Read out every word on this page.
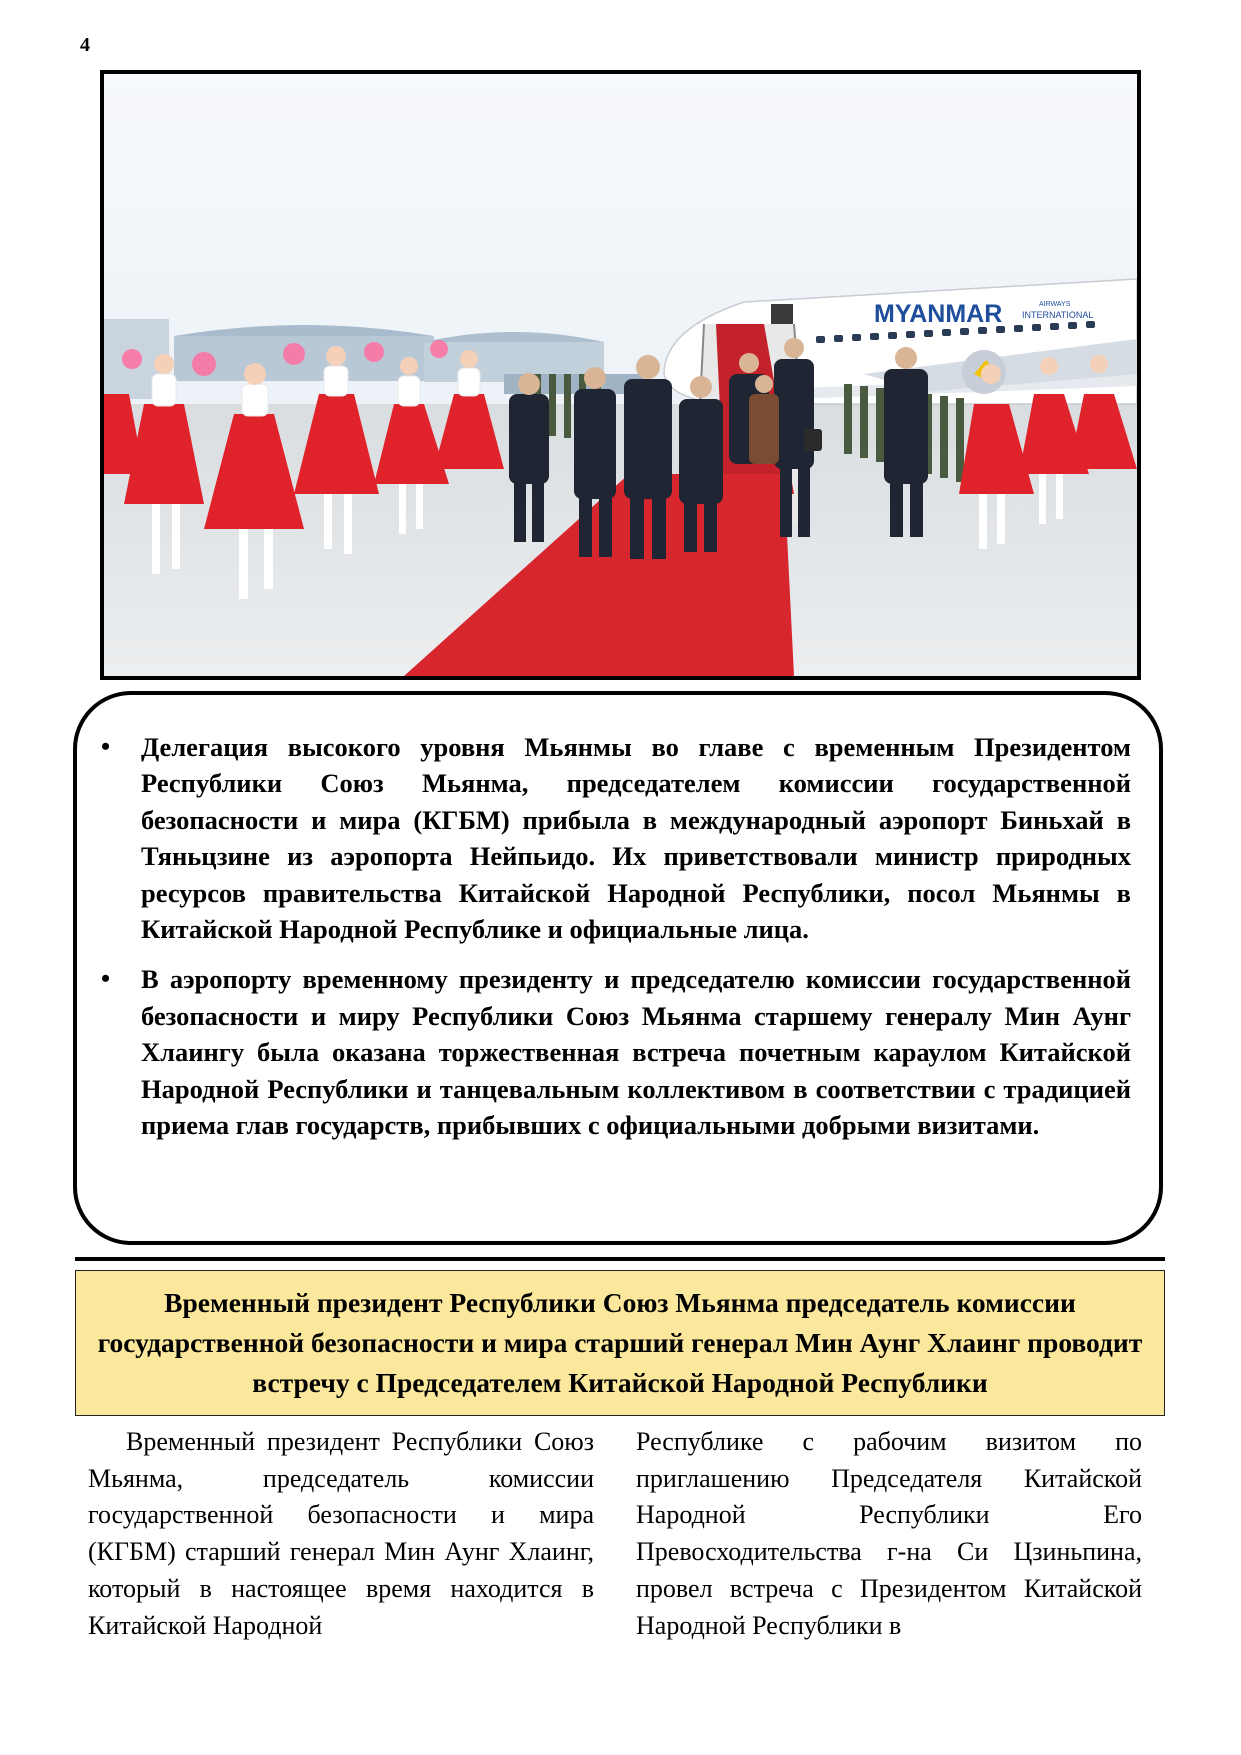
4
MYANMAR	AIRWAYS
INTERNATIONAL
• Делегация высокого уровня Мьянмы во главе с временным Президентом Республики Союз Мьянма, председателем комиссии государственной безопасности и мира (КГБМ) прибыла в международный аэропорт Биньхай в Тяньцзине из аэропорта Нейпьидо. Их приветствовали министр природных ресурсов правительства Китайской Народной Республики, посол Мьянмы в Китайской Народной Республике и официальные лица.
• В аэропорту временному президенту и председателю комиссии государственной безопасности и миру Республики Союз Мьянма старшему генералу Мин Аунг Хлаингу была оказана торжественная встреча почетным караулом Китайской Народной Республики и танцевальным коллективом в соответствии с традицией приема глав государств, прибывших с официальными добрыми визитами.
Временный президент Республики Союз Мьянма председатель комиссии государственной безопасности и мира старший генерал Мин Аунг Хлаинг проводит встречу с Председателем Китайской Народной Республики

Временный президент Республики Союз Мьянма, председатель комиссии государственной безопасности и мира (КГБМ) старший генерал Мин Аунг Хлаинг, который в настоящее время находится в Китайской Народной

Республике с рабочим визитом по приглашению Председателя Китайской Народной Республики Его Превосходительства г-на Си Цзиньпина, провел встреча с Президентом Китайской Народной Республики в
